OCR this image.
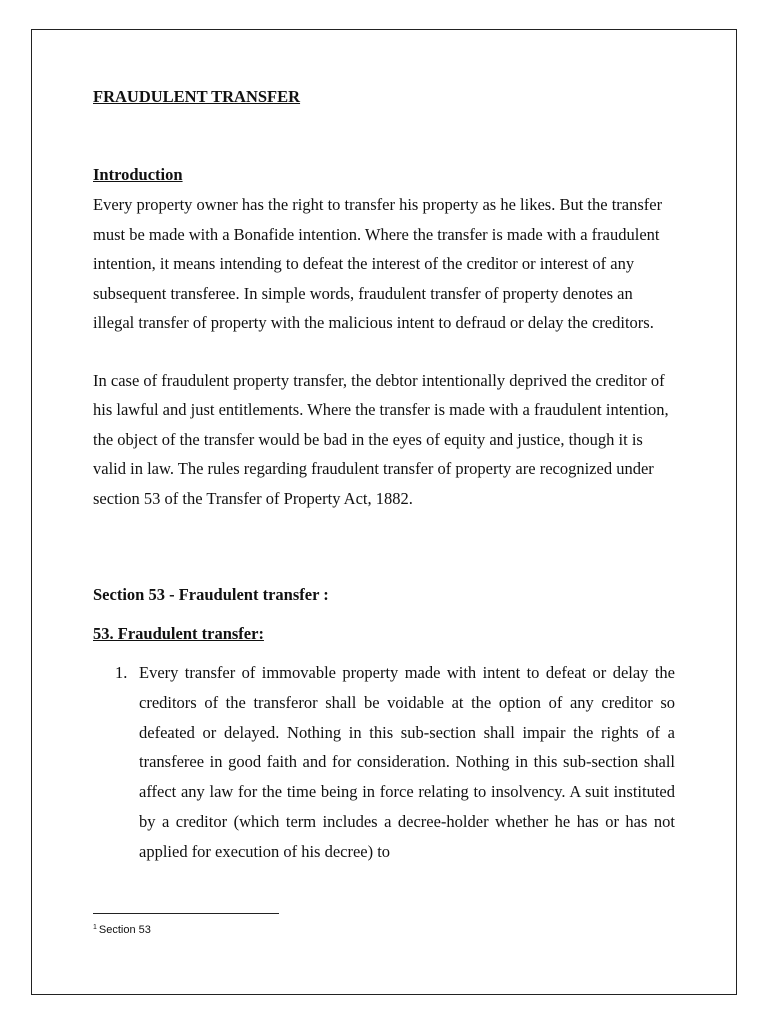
FRAUDULENT TRANSFER
Introduction

Every property owner has the right to transfer his property as he likes. But the transfer must be made with a Bonafide intention. Where the transfer is made with a fraudulent intention, it means intending to defeat the interest of the creditor or interest of any subsequent transferee. In simple words, fraudulent transfer of property denotes an illegal transfer of property with the malicious intent to defraud or delay the creditors.

In case of fraudulent property transfer, the debtor intentionally deprived the creditor of his lawful and just entitlements. Where the transfer is made with a fraudulent intention, the object of the transfer would be bad in the eyes of equity and justice, though it is valid in law. The rules regarding fraudulent transfer of property are recognized under section 53 of the Transfer of Property Act, 1882.

Section 53 - Fraudulent transfer :
53. Fraudulent transfer:
1. Every transfer of immovable property made with intent to defeat or delay the creditors of the transferor shall be voidable at the option of any creditor so defeated or delayed. Nothing in this sub-section shall impair the rights of a transferee in good faith and for consideration. Nothing in this sub-section shall affect any law for the time being in force relating to insolvency. A suit instituted by a creditor (which term includes a decree-holder whether he has or has not applied for execution of his decree) to
$^1$ Section 53
